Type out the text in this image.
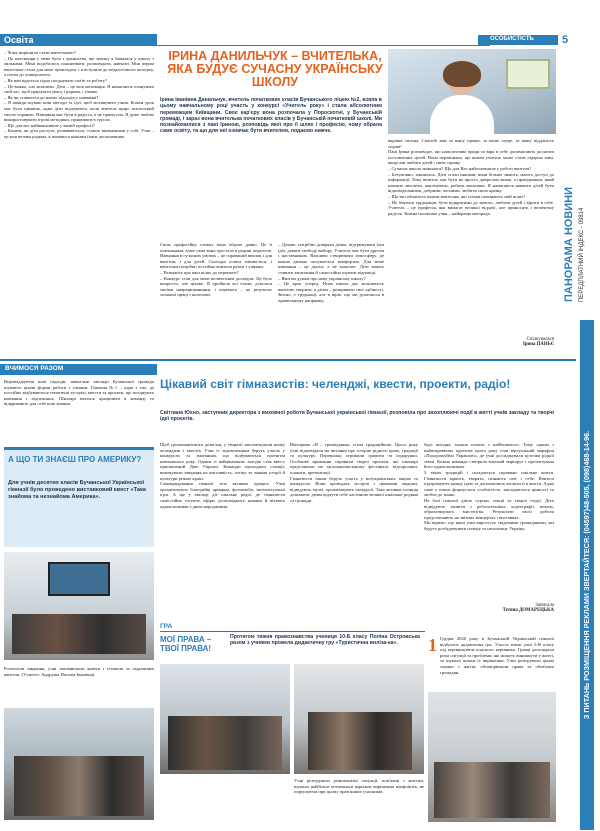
Освіта	ОСОБИСТІСТЬ	5
ПАНОРАМА НОВИНИ ПЕРЕДПЛАТНИЙ ІНДЕКС - 09814
З ПИТАНЬ РОЗМІЩЕННЯ РЕКЛАМИ ЗВЕРТАЙТЕСЯ: (04597)48-505, (098)468-14-96.
– Чому вирішили стати вчителькою?
– Це натхнення у мене було з дитинства, ще змалку я бавилася у школу з ляльками. Мені подобалось пояснювати, розповідати, навчати. Моя перша вчителька стала для мене прикладом, і я вступила до педагогічного коледжу, а потім до університету.
– Як вам вдається гідно поєднувати сім'ю та роботу?
– Це важко, але можливо. Діти – це моя мотивація. Я намагаюся планувати свій час, щоб приділяти увагу і рідним, і учням.
– Як ви ставитеся до нових підходів у навчанні?
– Я завжди шукаю нові методи та ідеї, щоб мотивувати учнів. Кожен урок має бути цікавим, адже діти відчувають, коли вчитель щиро захоплений своєю справою. Навчання має бути в радість, а не примусом. Я дуже люблю використовувати ігрові методики, працювати в групах.
– Що для вас найважливіше у вашій професії?
– Бачити, як діти ростуть, розвиваються, стають впевненими у собі. Учні – це моя велика родина, я пишаюся кожним їхнім досягненням.
ІРИНА ДАНИЛЬЧУК – ВЧИТЕЛЬКА, ЯКА БУДУЄ СУЧАСНУ УКРАЇНСЬКУ ШКОЛУ
Ірина Іванівна Данильчук, вчитель початкових класів Бучанського ліцею №2, взяла в цьому навчальному році участь у конкурсі «Учитель року» і стала абсолютним переможцем Київщини. Своє кар'єру вона розпочала у Пороскотні, у Бучанській громаді, і зараз вона вчителька початкових класів у Бучанській початковій школі. Ми познайомилися з пані Іриною, розповідь якої про її шлях і професію, чому обрала саме освіту, та що для неї означає бути вчителем, подаємо нижче.
Свою професійну стежку вона обрала давно. Це її покликання, адже сама вона зростала в родині педагогів. Навчання в сучасних умовах – це справжній виклик і для вчителя, і для дітей. Сьогодні освіта змінюється, і вчителям потрібно постійно вчитися разом з учнями.
– Розкажіть про ваш шлях до перемоги?
– Конкурс став для мене величезним досвідом. Це було непросто, але цікаво. Я пройшла всі етапи, ділилася своїми напрацюваннями, і перемога – це результат спільної праці з колегами.
– Думаю, потрібно довіряти дітям, підтримувати їхні ідеї, давати свободу вибору. Учитель має бути другом і наставником. Важливо створювати атмосферу, де кожна дитина почувається комфортно. Для мене навчання – це діалог, а не монолог. Діти мають ставити запитання й самостійно шукати відповіді.
– Якої ви думки про нову українську школу?
– Це крок уперед. Нова школа дає можливість вчителю творити, а дітям – розкривати свої здібності. Звісно, є труднощі, але я вірю, що ми рухаємося в правильному напрямку.
вкраїна сильна. Спасибі вам за вашу працю, за ваше серце, за вашу відданість справі!
Пані Ірина розповідає, що наполеглива праця та віра в себе допомагають досягати поставлених цілей. Вона переконана, що кожен учитель може стати лідером змін, якщо він любить дітей і свою справу.
– Сучасна школа змінилася? Що для Вас найголовніше у роботі вчителя?
– Безумовно, змінилася. Діти стали іншими, вони більше знають, мають доступ до інформації. Тому вчитель має бути не просто джерелом знань, а провідником, який навчить мислити, аналізувати, робити висновки. Я намагаюся навчити дітей бути відповідальними, добрими, чесними, любити свою країну.
– Що ви побажаєте іншим вчителям, які тільки починають свій шлях?
– Не боятися труднощів, бути відкритими до нового, любити дітей і вірити в себе. Учитель – це професія, яка вимагає великої віддачі, але приносить і величезну радість. Кожна посмішка учня – найкраща нагорода.
Спілкувалася
Ірина ПАНЬЄ
ВЧИМОСЯ РАЗОМ
Впроваджуючи нові підходи, навчальні заклади Бучанської громади шукають цікаві форми роботи з учнями. Гімназія №1 – одна з тих, де постійно відбуваються тематичні зустрічі, квести та проєкти, що поєднують навчання і відпочинок. Школярі вчаться працювати в команді та відкривають для себе нові знання.
А ЩО ТИ ЗНАЄШ ПРО АМЕРИКУ?
Для учнів десятих класів Бучанської Української гімназії було проведено виставковий квест «Така знайома та незнайома Америка».
Розпочали завдання, учні заповнювали анкети і стежили за підказками вчителя. (Учителі: Андруша Наталія Іванівна).
Цікавий світ гімназистів: челенджі, квести, проекти, радіо!
Світлана Юхно, заступник директора з виховної роботи Бучанської української гімназії, розповіла про захоплюючі події в житті учнів закладу та творчі ідеї проєктів.
Щоб урізноманітнити дозвілля, у гімназії започаткували низку челенджів і квестів. Учні із задоволенням беруть участь у конкурсах та змаганнях, що відбуваються протягом навчального року. Одним із найцікавіших заходів став квест, присвячений Дню Європи. Команди проходили станції, виконували завдання на кмітливість, логіку та знання історії й культури різних країн.
Самоврядування гімназії теж активно працює. Учні організовують благодійні ярмарки, флешмоби, інтелектуальні ігри. А ще у закладі діє шкільне радіо, де гімназисти самостійно готують ефіри, розповідають новини й вітають однокласників з днем народження.
Вікторина «Я – громадянин» стала традиційною. Цього року учні відповідали на питання про історію рідного краю, традиції та культуру. Переможці отримали грамоти та подарунки. Особливе враження справили творчі проєкти, які школярі представили на загальношкільному фестивалі: відеоролики, плакати, презентації.
Гімназисти також беруть участь у всеукраїнських акціях та конкурсах. Вони проводять зустрічі з цікавими людьми, відвідують музеї, організовують екскурсії. Така активна позиція допомагає дітям відчути себе частиною великої шкільної родини та громади.
буде виїздна, можна почати з найближчого. Тому одним з найяскравіших проєктів цього року став віртуальний марафон «Подорожуймо Україною», де учні досліджували куточки рідної землі. Кожна команда створила власний маршрут і презентувала його однокласникам.
З таких традицій і складається справжнє шкільне життя. Гімназисти мріють, творять, пізнають світ і себе. Вчителі підтримують кожну ідею та допомагають втілити її в життя. Адже саме у школі формується особистість, закладаються цінності та любов до знань.
На базі гімназії діють гуртки, секції та творчі студії. Діти відвідують заняття з робототехніки, хореографії, вокалу, образотворчого мистецтва. Результати своєї роботи представляють на звітних концертах і виставках.
Ми віримо, що наші учні виростуть свідомими громадянами, які будуть розбудовувати сильну та незалежну Україну.
Записала
Тетяна ДОМАРЕЦЬКА
ГРА
МОЇ ПРАВА – ТВОЇ ПРАВА!
Протягом тижня правознавства учениця 10-Б класу Поліна Островська разом з учнями провела дидактичну гру «Туристична виліза-ка».
Учні розігрували різноманітні ситуації, пов'язані з життям, шукали найбільш оптимальні варіанти вирішення конфліктів, не порушуючи при цьому прав інших учасників.
1 Грудня 2020 року в Бучанській Українській гімназії відбулася дидактична гра. Участь взяли учні 5-В класу під керівництвом класного керівника. Гравці розглядали різні ситуації та проблеми, які можуть виникнути у житті, та шукали шляхи їх вирішення. Учні розігрували цікаві сценки з життя, обговорювали права та обов'язки громадян.
